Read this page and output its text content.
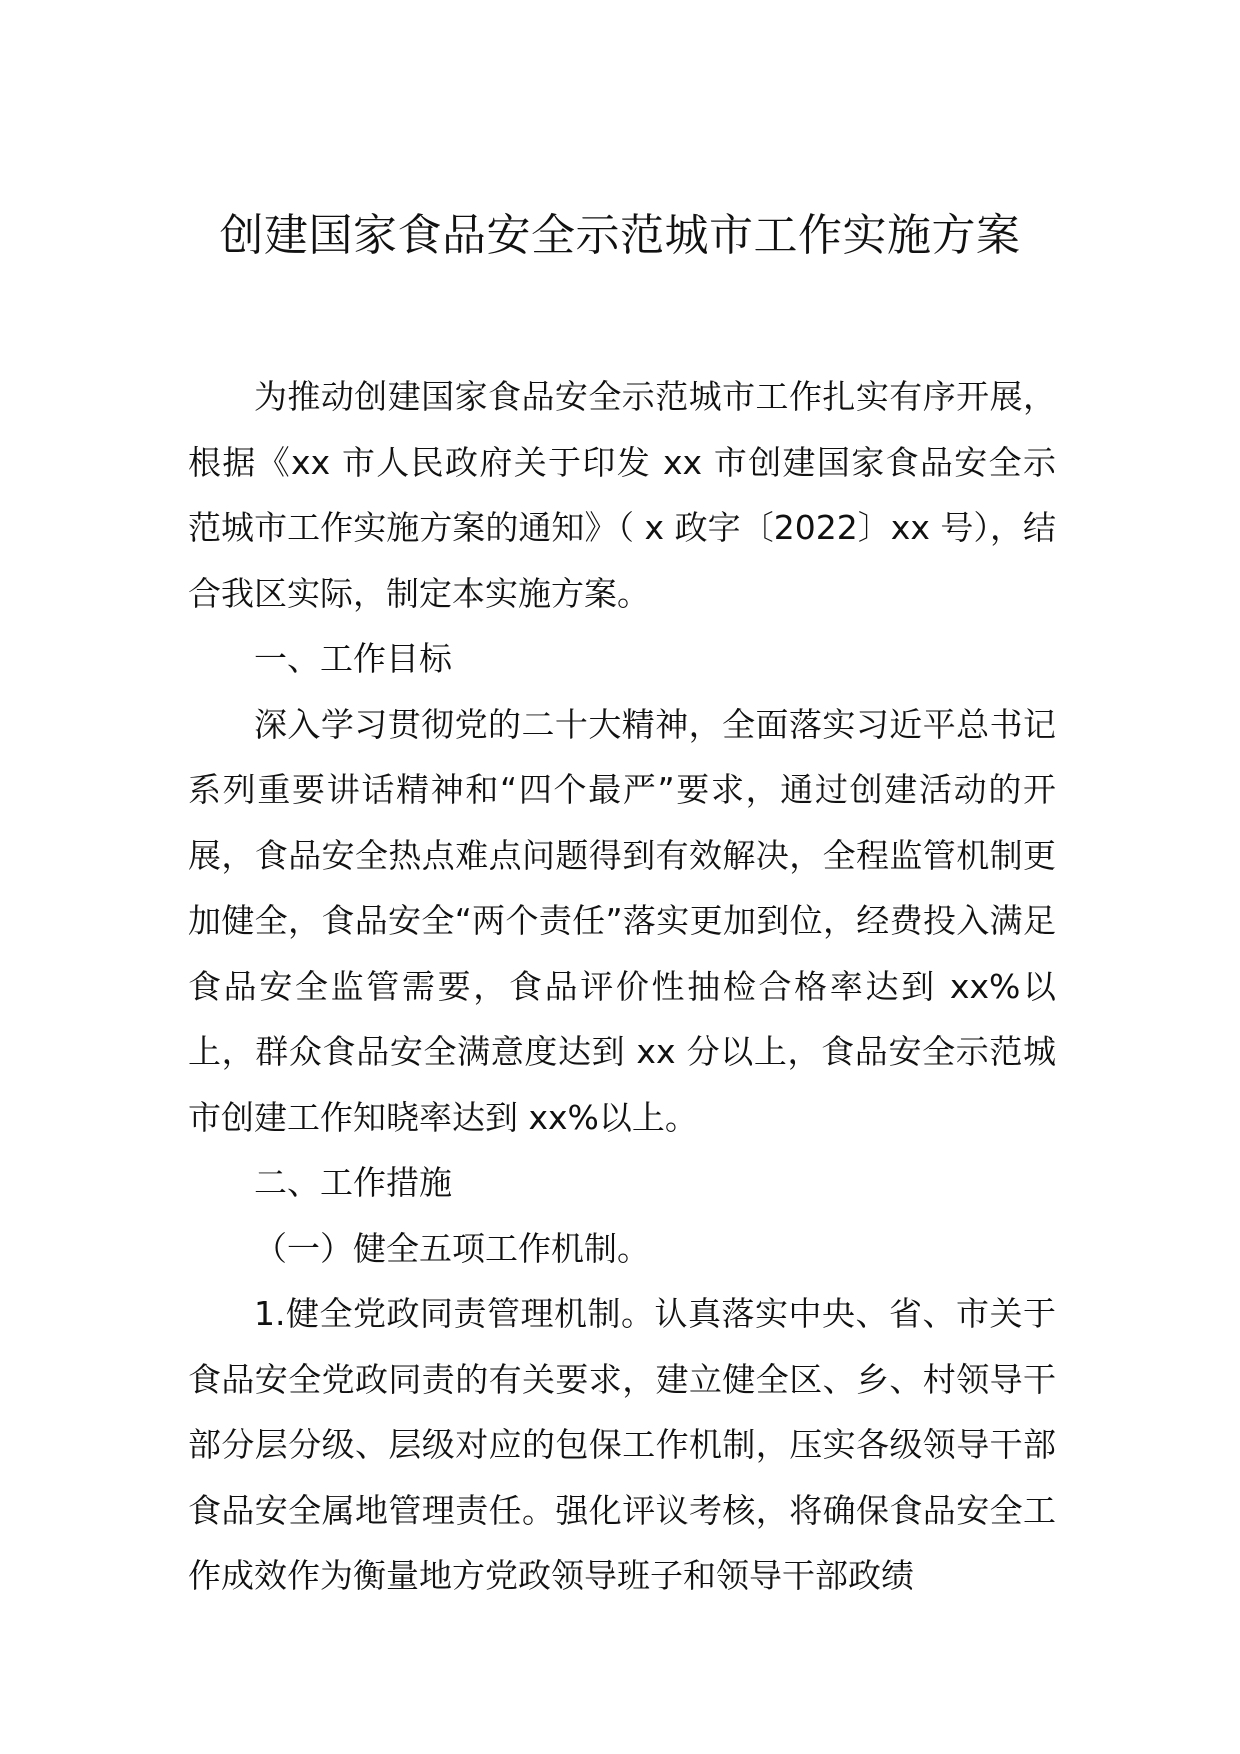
创建国家食品安全示范城市工作实施方案

为推动创建国家食品安全示范城市工作扎实有序开展，根据《xx 市人民政府关于印发 xx 市创建国家食品安全示范城市工作实施方案的通知》（ x 政字〔2022〕xx 号），结合我区实际，制定本实施方案。

一、工作目标

深入学习贯彻党的二十大精神，全面落实习近平总书记系列重要讲话精神和“四个最严”要求，通过创建活动的开展，食品安全热点难点问题得到有效解决，全程监管机制更加健全，食品安全“两个责任”落实更加到位，经费投入满足食品安全监管需要，食品评价性抽检合格率达到 xx%以上，群众食品安全满意度达到 xx 分以上，食品安全示范城市创建工作知晓率达到 xx%以上。

二、工作措施

（一）健全五项工作机制。

1.健全党政同责管理机制。认真落实中央、省、市关于食品安全党政同责的有关要求，建立健全区、乡、村领导干部分层分级、层级对应的包保工作机制，压实各级领导干部食品安全属地管理责任。强化评议考核，将确保食品安全工作成效作为衡量地方党政领导班子和领导干部政绩
